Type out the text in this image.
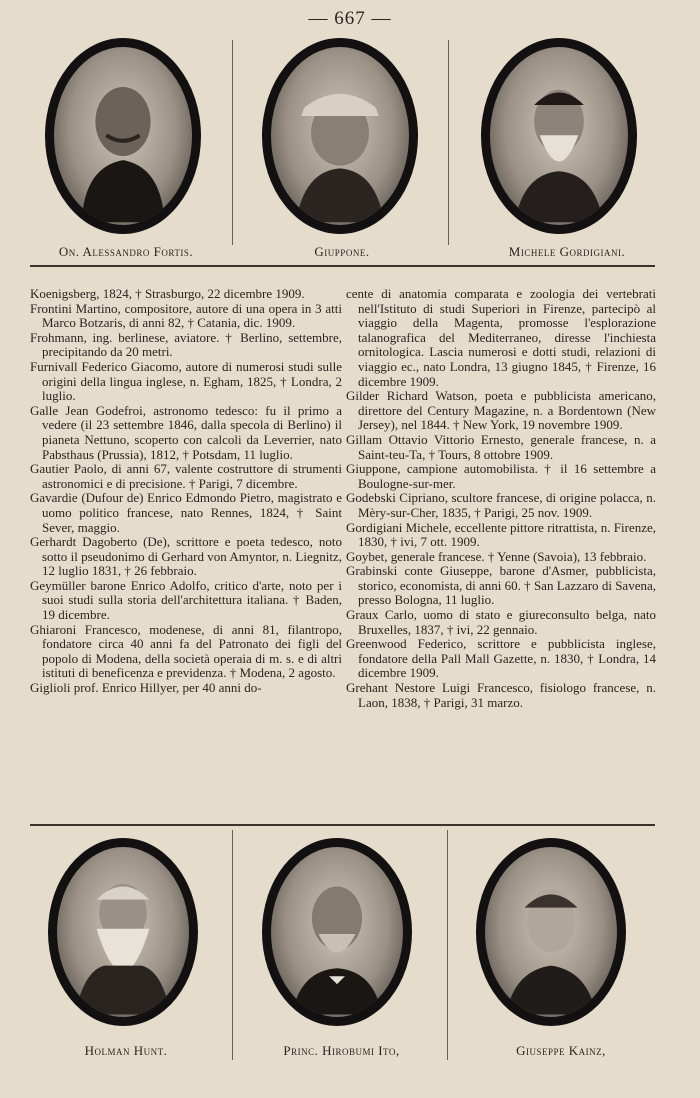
— 667 —
On. Alessandro Fortis.	Giuppone.	Michele Gordigiani.

Koenigsberg, 1824, † Strasburgo, 22 dicembre 1909.

Frontini Martino, compositore, autore di una opera in 3 atti Marco Botzaris, di anni 82, † Catania, dic. 1909.

Frohmann, ing. berlinese, aviatore. † Berlino, settembre, precipitando da 20 metri.

Furnivall Federico Giacomo, autore di numerosi studi sulle origini della lingua inglese, n. Egham, 1825, † Londra, 2 luglio.

Galle Jean Godefroi, astronomo tedesco: fu il primo a vedere (il 23 settembre 1846, dalla specola di Berlino) il pianeta Nettuno, scoperto con calcoli da Leverrier, nato Pabsthaus (Prussia), 1812, † Potsdam, 11 luglio.

Gautier Paolo, di anni 67, valente costruttore di strumenti astronomici e di precisione. † Parigi, 7 dicembre.

Gavardie (Dufour de) Enrico Edmondo Pietro, magistrato e uomo politico francese, nato Rennes, 1824, † Saint Sever, maggio.

Gerhardt Dagoberto (De), scrittore e poeta tedesco, noto sotto il pseudonimo di Gerhard von Amyntor, n. Liegnitz, 12 luglio 1831, † 26 febbraio.

Geymüller barone Enrico Adolfo, critico d'arte, noto per i suoi studi sulla storia dell'architettura italiana. † Baden, 19 dicembre.

Ghiaroni Francesco, modenese, di anni 81, filantropo, fondatore circa 40 anni fa del Patronato dei figli del popolo di Modena, della società operaia di m. s. e di altri istituti di beneficenza e previdenza. † Modena, 2 agosto.

Giglioli prof. Enrico Hillyer, per 40 anni do-

cente di anatomia comparata e zoologia dei vertebrati nell'Istituto di studi Superiori in Firenze, partecipò al viaggio della Magenta, promosse l'esplorazione talanografica del Mediterraneo, diresse l'inchiesta ornitologica. Lascia numerosi e dotti studi, relazioni di viaggio ec., nato Londra, 13 giugno 1845, † Firenze, 16 dicembre 1909.

Gilder Richard Watson, poeta e pubblicista americano, direttore del Century Magazine, n. a Bordentown (New Jersey), nel 1844. † New York, 19 novembre 1909.

Gillam Ottavio Vittorio Ernesto, generale francese, n. a Saint-teu-Ta, † Tours, 8 ottobre 1909.

Giuppone, campione automobilista. † il 16 settembre a Boulogne-sur-mer.

Godebski Cipriano, scultore francese, di origine polacca, n. Mèry-sur-Cher, 1835, † Parigi, 25 nov. 1909.

Gordigiani Michele, eccellente pittore ritrattista, n. Firenze, 1830, † ivi, 7 ott. 1909.

Goybet, generale francese. † Yenne (Savoia), 13 febbraio.

Grabinski conte Giuseppe, barone d'Asmer, pubblicista, storico, economista, di anni 60. † San Lazzaro di Savena, presso Bologna, 11 luglio.

Graux Carlo, uomo di stato e giureconsulto belga, nato Bruxelles, 1837, † ivi, 22 gennaio.

Greenwood Federico, scrittore e pubblicista inglese, fondatore della Pall Mall Gazette, n. 1830, † Londra, 14 dicembre 1909.

Grehant Nestore Luigi Francesco, fisiologo francese, n. Laon, 1838, † Parigi, 31 marzo.

Holman Hunt.	Princ. Hirobumi Ito,	Giuseppe Kainz,
